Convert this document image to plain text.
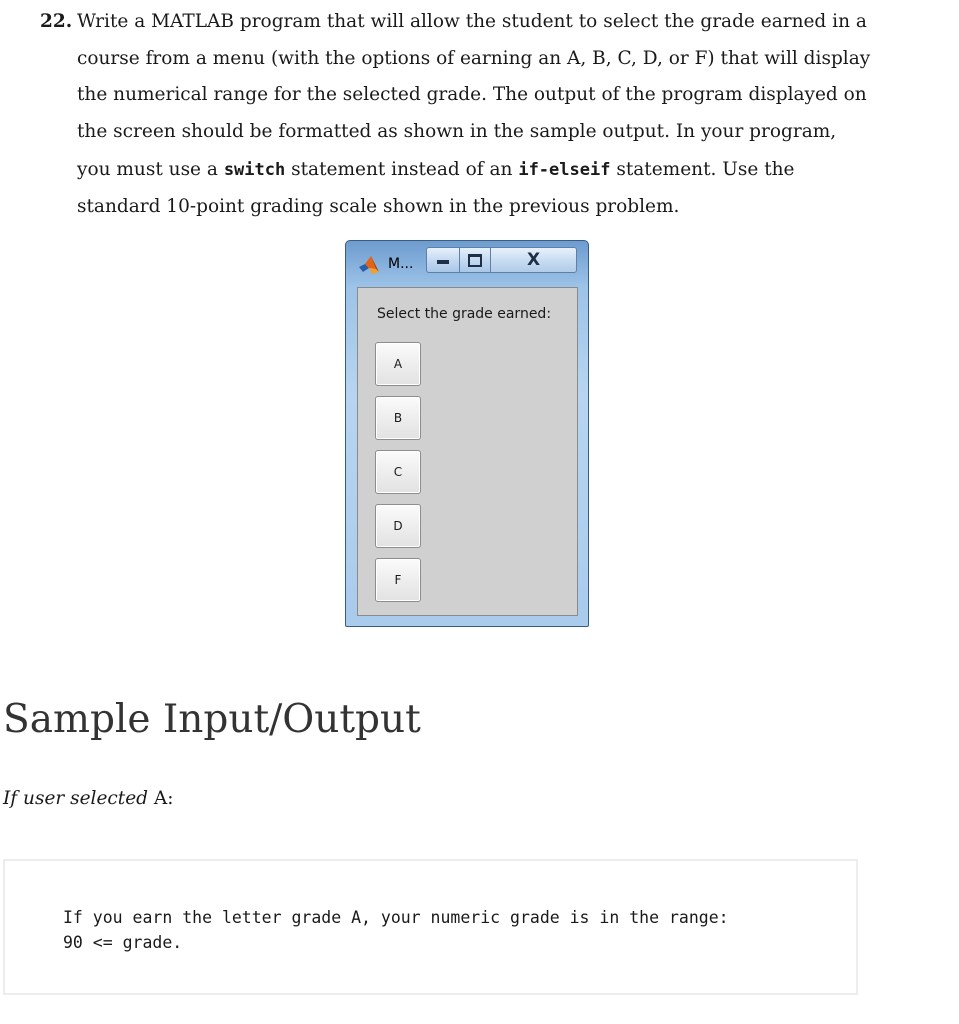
22. Write a MATLAB program that will allow the student to select the grade earned in a
course from a menu (with the options of earning an A, B, C, D, or F) that will display
the numerical range for the selected grade. The output of the program displayed on
the screen should be formatted as shown in the sample output. In your program,
you must use a switch statement instead of an if-elseif statement. Use the
standard 10-point grading scale shown in the previous problem.
M...	X
Select the grade earned:
A
B
C
D
F
Sample Input/Output
If user selected A:
If you earn the letter grade A, your numeric grade is in the range:
90 <= grade.
